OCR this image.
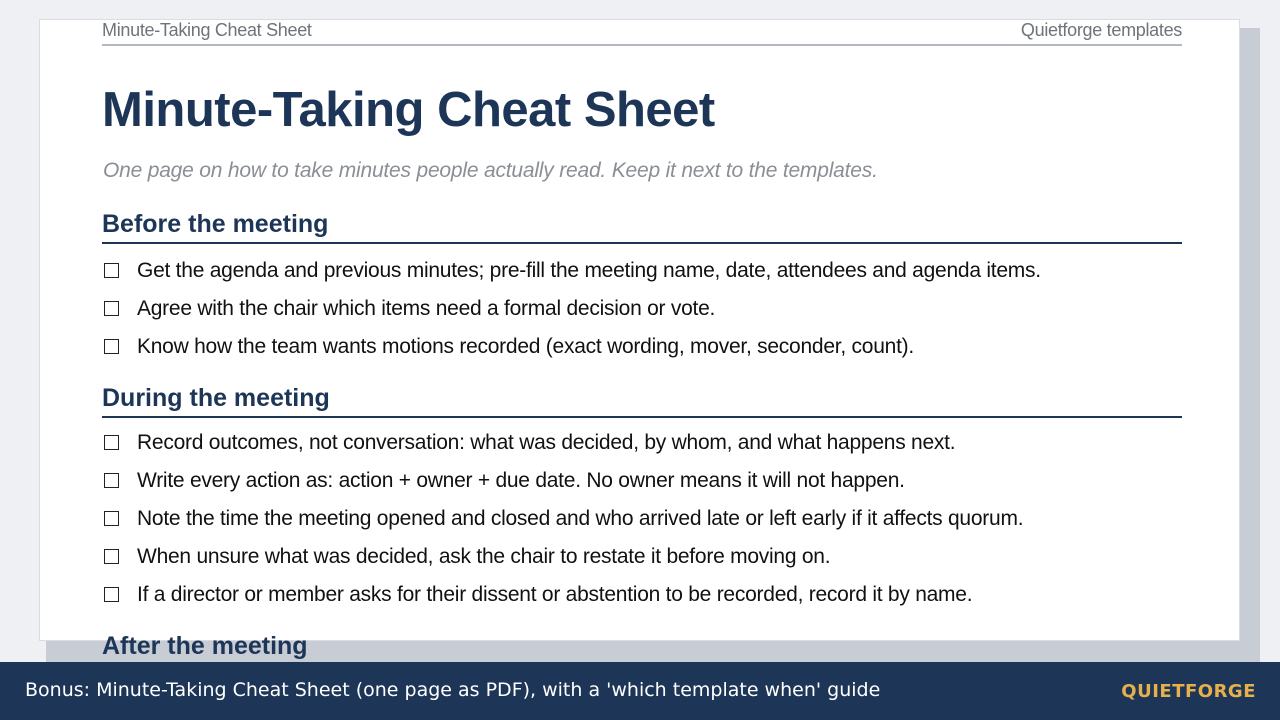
Minute-Taking Cheat Sheet	Quietforge templates
Minute-Taking Cheat Sheet

One page on how to take minutes people actually read. Keep it next to the templates.

Before the meeting
Get the agenda and previous minutes; pre-fill the meeting name, date, attendees and agenda items.
Agree with the chair which items need a formal decision or vote.
Know how the team wants motions recorded (exact wording, mover, seconder, count).
During the meeting
Record outcomes, not conversation: what was decided, by whom, and what happens next.
Write every action as: action + owner + due date. No owner means it will not happen.
Note the time the meeting opened and closed and who arrived late or left early if it affects quorum.
When unsure what was decided, ask the chair to restate it before moving on.
If a director or member asks for their dissent or abstention to be recorded, record it by name.
After the meeting
Bonus: Minute-Taking Cheat Sheet (one page as PDF), with a 'which template when' guide	QUIETFORGE
